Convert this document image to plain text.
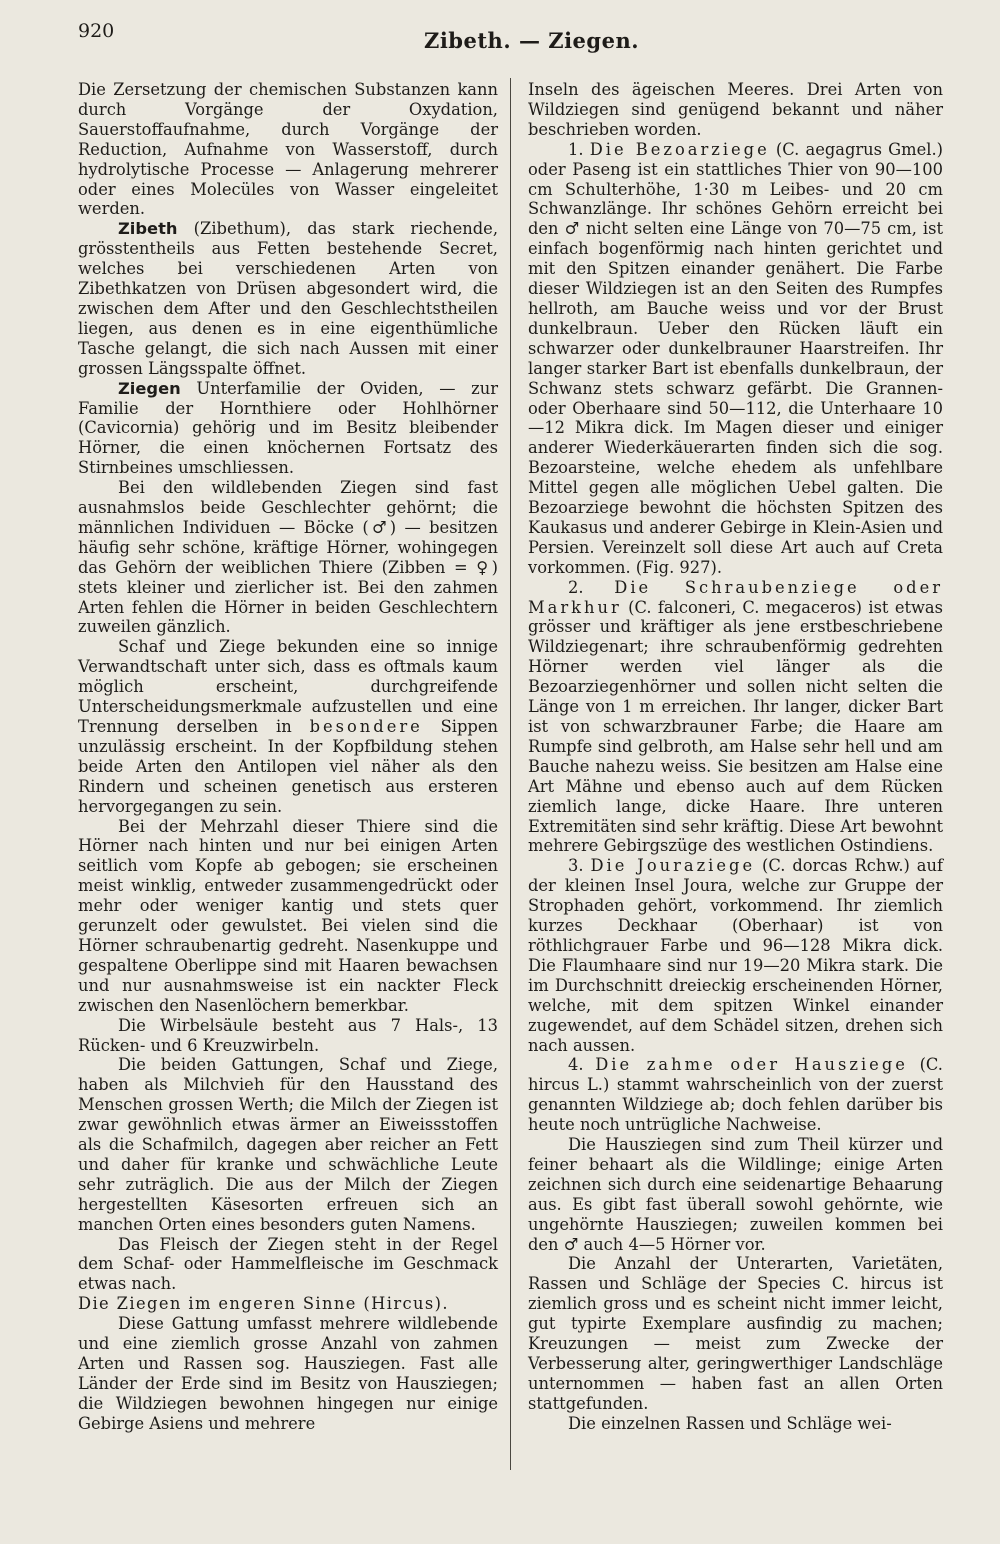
920	Zibeth. — Ziegen.

Die Zersetzung der chemischen Substanzen kann durch Vorgänge der Oxydation, Sauerstoffaufnahme, durch Vorgänge der Reduction, Aufnahme von Wasserstoff, durch hydrolytische Processe — Anlagerung mehrerer oder eines Molecüles von Wasser eingeleitet werden.

Zibeth (Zibethum), das stark riechende, grösstentheils aus Fetten bestehende Secret, welches bei verschiedenen Arten von Zibethkatzen von Drüsen abgesondert wird, die zwischen dem After und den Geschlechtstheilen liegen, aus denen es in eine eigenthümliche Tasche gelangt, die sich nach Aussen mit einer grossen Längsspalte öffnet.

Ziegen Unterfamilie der Oviden, — zur Familie der Hornthiere oder Hohlhörner (Cavicornia) gehörig und im Besitz bleibender Hörner, die einen knöchernen Fortsatz des Stirnbeines umschliessen.

Bei den wildlebenden Ziegen sind fast ausnahmslos beide Geschlechter gehörnt; die männlichen Individuen — Böcke (♂) — besitzen häufig sehr schöne, kräftige Hörner, wohingegen das Gehörn der weiblichen Thiere (Zibben = ♀) stets kleiner und zierlicher ist. Bei den zahmen Arten fehlen die Hörner in beiden Geschlechtern zuweilen gänzlich.

Schaf und Ziege bekunden eine so innige Verwandtschaft unter sich, dass es oftmals kaum möglich erscheint, durchgreifende Unterscheidungsmerkmale aufzustellen und eine Trennung derselben in besondere Sippen unzulässig erscheint. In der Kopfbildung stehen beide Arten den Antilopen viel näher als den Rindern und scheinen genetisch aus ersteren hervorgegangen zu sein.

Bei der Mehrzahl dieser Thiere sind die Hörner nach hinten und nur bei einigen Arten seitlich vom Kopfe ab gebogen; sie erscheinen meist winklig, entweder zusammengedrückt oder mehr oder weniger kantig und stets quer gerunzelt oder gewulstet. Bei vielen sind die Hörner schraubenartig gedreht. Nasenkuppe und gespaltene Oberlippe sind mit Haaren bewachsen und nur ausnahmsweise ist ein nackter Fleck zwischen den Nasenlöchern bemerkbar.

Die Wirbelsäule besteht aus 7 Hals-, 13 Rücken- und 6 Kreuzwirbeln.

Die beiden Gattungen, Schaf und Ziege, haben als Milchvieh für den Hausstand des Menschen grossen Werth; die Milch der Ziegen ist zwar gewöhnlich etwas ärmer an Eiweissstoffen als die Schafmilch, dagegen aber reicher an Fett und daher für kranke und schwächliche Leute sehr zuträglich. Die aus der Milch der Ziegen hergestellten Käsesorten erfreuen sich an manchen Orten eines besonders guten Namens.

Das Fleisch der Ziegen steht in der Regel dem Schaf- oder Hammelfleische im Geschmack etwas nach.

Die Ziegen im engeren Sinne (Hircus).

Diese Gattung umfasst mehrere wildlebende und eine ziemlich grosse Anzahl von zahmen Arten und Rassen sog. Hausziegen. Fast alle Länder der Erde sind im Besitz von Hausziegen; die Wildziegen bewohnen hingegen nur einige Gebirge Asiens und mehrere

Inseln des ägeischen Meeres. Drei Arten von Wildziegen sind genügend bekannt und näher beschrieben worden.

1. Die Bezoarziege (C. aegagrus Gmel.) oder Paseng ist ein stattliches Thier von 90—100 cm Schulterhöhe, 1·30 m Leibes- und 20 cm Schwanzlänge. Ihr schönes Gehörn erreicht bei den ♂ nicht selten eine Länge von 70—75 cm, ist einfach bogenförmig nach hinten gerichtet und mit den Spitzen einander genähert. Die Farbe dieser Wildziegen ist an den Seiten des Rumpfes hellroth, am Bauche weiss und vor der Brust dunkelbraun. Ueber den Rücken läuft ein schwarzer oder dunkelbrauner Haarstreifen. Ihr langer starker Bart ist ebenfalls dunkelbraun, der Schwanz stets schwarz gefärbt. Die Grannen- oder Oberhaare sind 50—112, die Unterhaare 10—12 Mikra dick. Im Magen dieser und einiger anderer Wiederkäuerarten finden sich die sog. Bezoarsteine, welche ehedem als unfehlbare Mittel gegen alle möglichen Uebel galten. Die Bezoarziege bewohnt die höchsten Spitzen des Kaukasus und anderer Gebirge in Klein-Asien und Persien. Vereinzelt soll diese Art auch auf Creta vorkommen. (Fig. 927).

2. Die Schraubenziege oder Markhur (C. falconeri, C. megaceros) ist etwas grösser und kräftiger als jene erstbeschriebene Wildziegenart; ihre schraubenförmig gedrehten Hörner werden viel länger als die Bezoarziegenhörner und sollen nicht selten die Länge von 1 m erreichen. Ihr langer, dicker Bart ist von schwarzbrauner Farbe; die Haare am Rumpfe sind gelbroth, am Halse sehr hell und am Bauche nahezu weiss. Sie besitzen am Halse eine Art Mähne und ebenso auch auf dem Rücken ziemlich lange, dicke Haare. Ihre unteren Extremitäten sind sehr kräftig. Diese Art bewohnt mehrere Gebirgszüge des westlichen Ostindiens.

3. Die Jouraziege (C. dorcas Rchw.) auf der kleinen Insel Joura, welche zur Gruppe der Strophaden gehört, vorkommend. Ihr ziemlich kurzes Deckhaar (Oberhaar) ist von röthlichgrauer Farbe und 96—128 Mikra dick. Die Flaumhaare sind nur 19—20 Mikra stark. Die im Durchschnitt dreieckig erscheinenden Hörner, welche, mit dem spitzen Winkel einander zugewendet, auf dem Schädel sitzen, drehen sich nach aussen.

4. Die zahme oder Hausziege (C. hircus L.) stammt wahrscheinlich von der zuerst genannten Wildziege ab; doch fehlen darüber bis heute noch untrügliche Nachweise.

Die Hausziegen sind zum Theil kürzer und feiner behaart als die Wildlinge; einige Arten zeichnen sich durch eine seidenartige Behaarung aus. Es gibt fast überall sowohl gehörnte, wie ungehörnte Hausziegen; zuweilen kommen bei den ♂ auch 4—5 Hörner vor.

Die Anzahl der Unterarten, Varietäten, Rassen und Schläge der Species C. hircus ist ziemlich gross und es scheint nicht immer leicht, gut typirte Exemplare ausfindig zu machen; Kreuzungen — meist zum Zwecke der Verbesserung alter, geringwerthiger Landschläge unternommen — haben fast an allen Orten stattgefunden.

Die einzelnen Rassen und Schläge wei-
